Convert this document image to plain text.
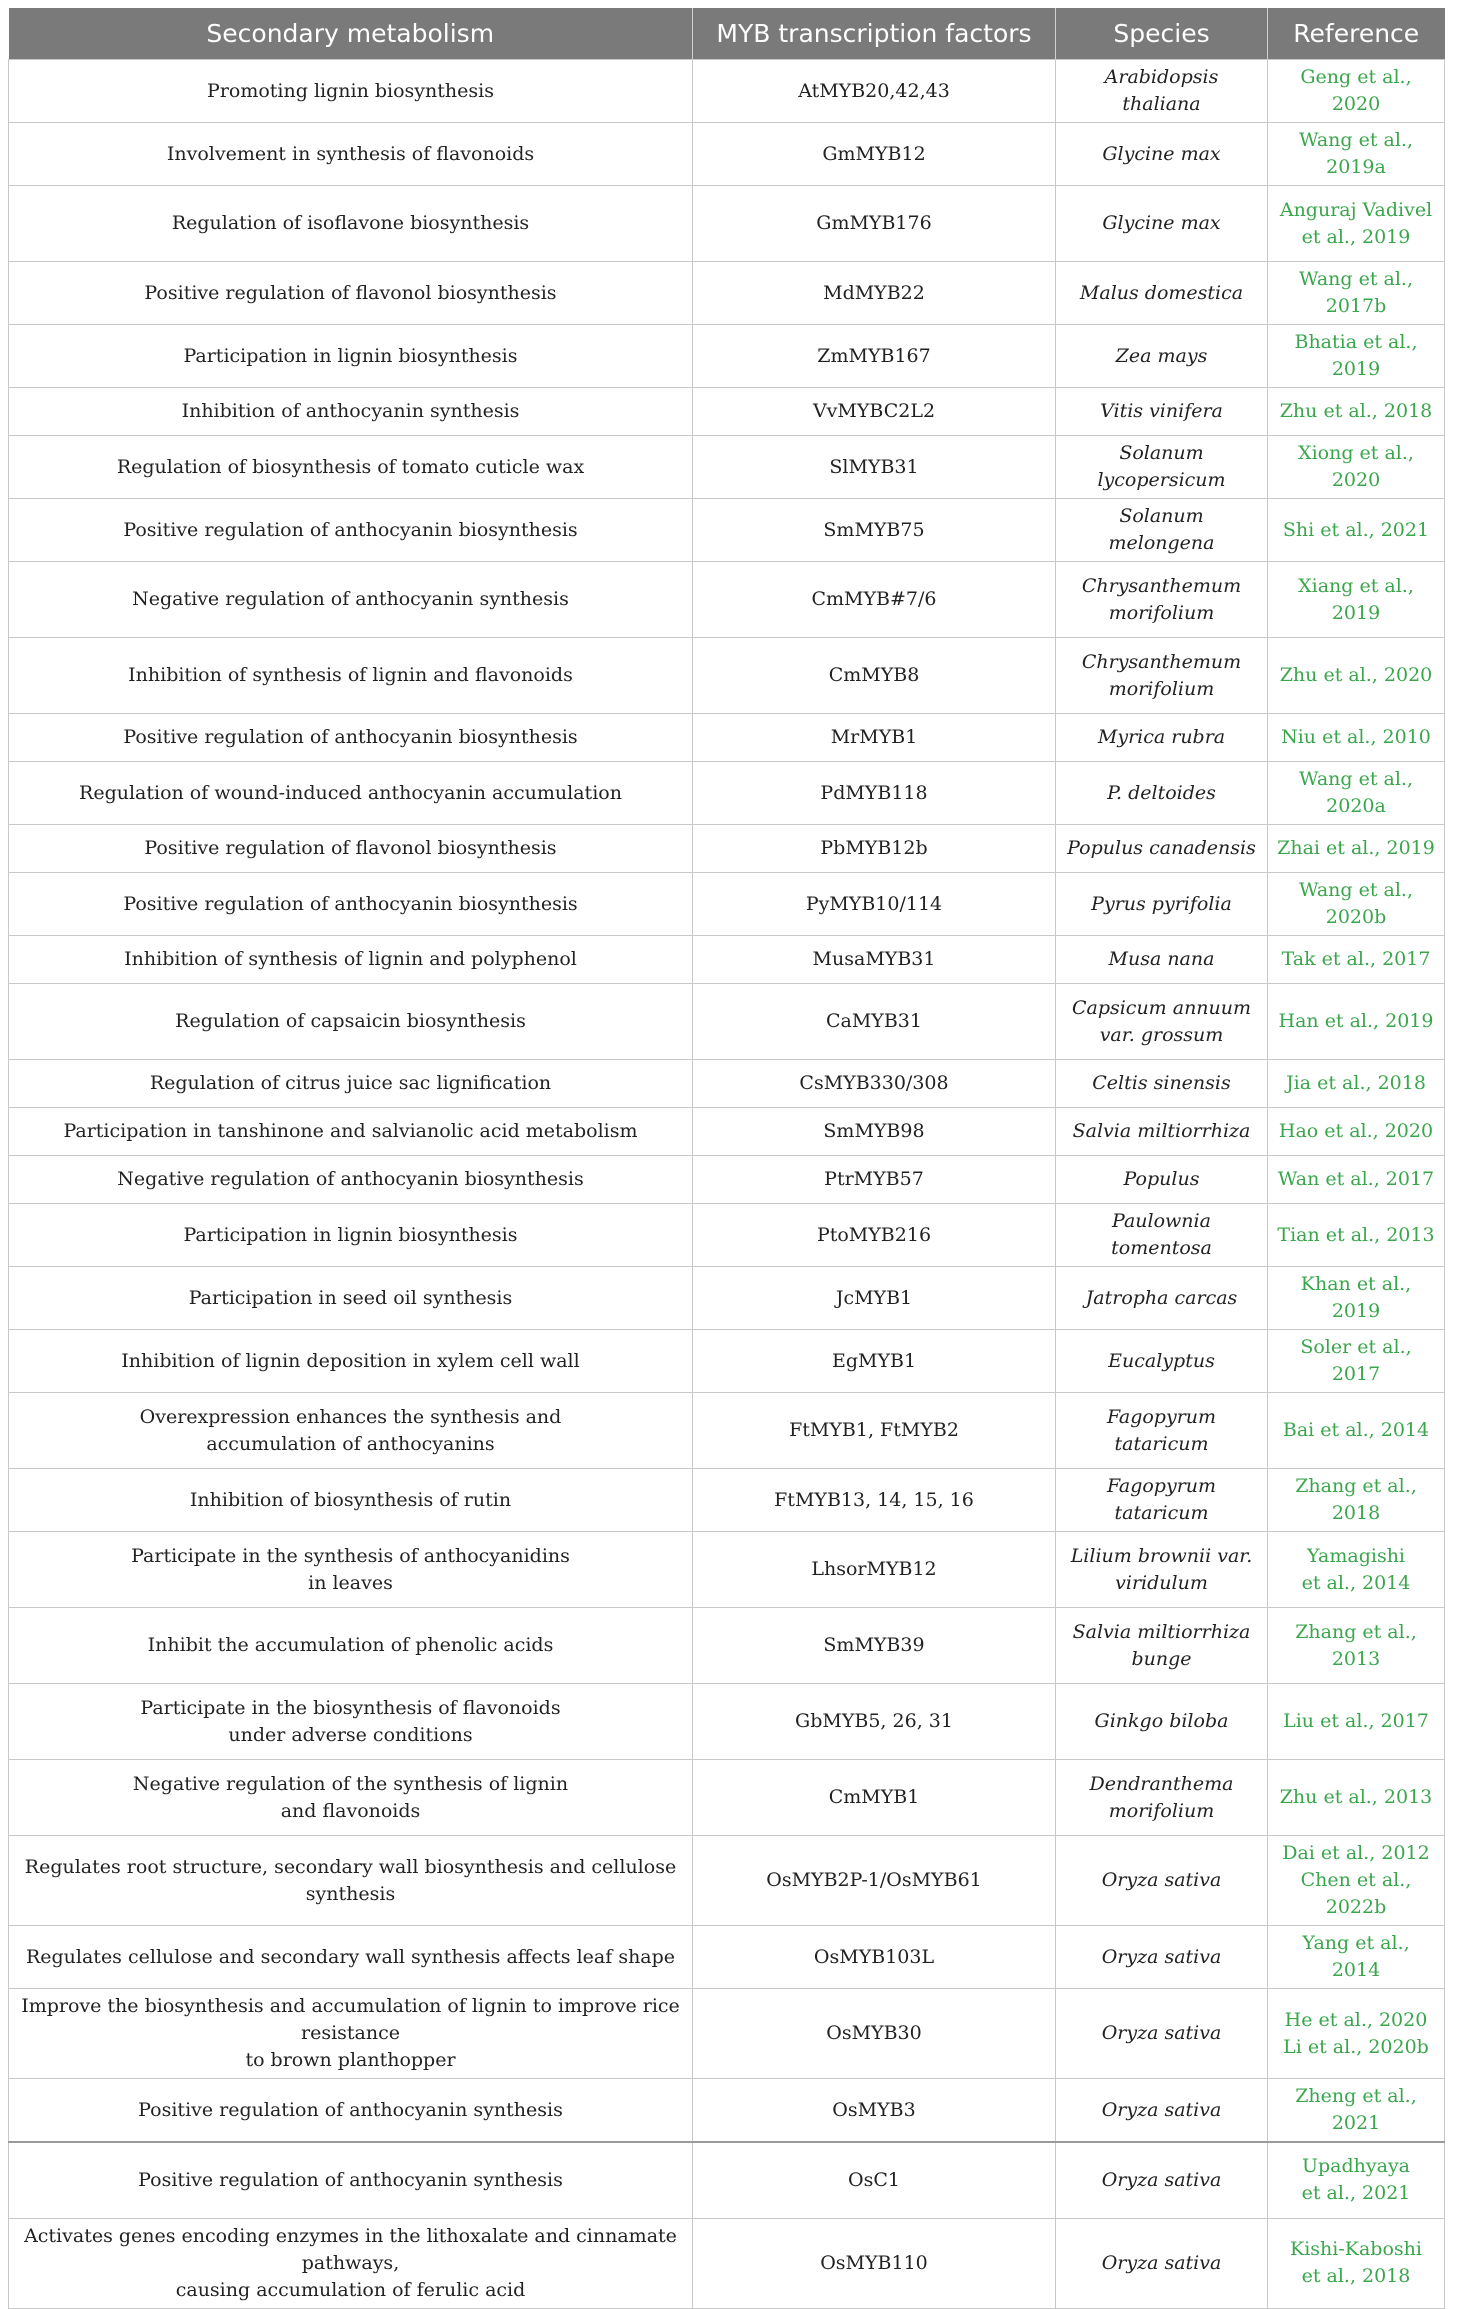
Secondary metabolism	MYB transcription factors	Species	Reference
Promoting lignin biosynthesis	AtMYB20,42,43	Arabidopsis thaliana	Geng et al., 2020
Involvement in synthesis of flavonoids	GmMYB12	Glycine max	Wang et al., 2019a
Regulation of isoflavone biosynthesis	GmMYB176	Glycine max	Anguraj Vadivel
et al., 2019
Positive regulation of flavonol biosynthesis	MdMYB22	Malus domestica	Wang et al., 2017b
Participation in lignin biosynthesis	ZmMYB167	Zea mays	Bhatia et al., 2019
Inhibition of anthocyanin synthesis	VvMYBC2L2	Vitis vinifera	Zhu et al., 2018
Regulation of biosynthesis of tomato cuticle wax	SlMYB31	Solanum lycopersicum	Xiong et al., 2020
Positive regulation of anthocyanin biosynthesis	SmMYB75	Solanum melongena	Shi et al., 2021
Negative regulation of anthocyanin synthesis	CmMYB#7/6	Chrysanthemum
morifolium	Xiang et al., 2019
Inhibition of synthesis of lignin and flavonoids	CmMYB8	Chrysanthemum
morifolium	Zhu et al., 2020
Positive regulation of anthocyanin biosynthesis	MrMYB1	Myrica rubra	Niu et al., 2010
Regulation of wound-induced anthocyanin accumulation	PdMYB118	P. deltoides	Wang et al., 2020a
Positive regulation of flavonol biosynthesis	PbMYB12b	Populus canadensis	Zhai et al., 2019
Positive regulation of anthocyanin biosynthesis	PyMYB10/114	Pyrus pyrifolia	Wang et al., 2020b
Inhibition of synthesis of lignin and polyphenol	MusaMYB31	Musa nana	Tak et al., 2017
Regulation of capsaicin biosynthesis	CaMYB31	Capsicum annuum
var. grossum	Han et al., 2019
Regulation of citrus juice sac lignification	CsMYB330/308	Celtis sinensis	Jia et al., 2018
Participation in tanshinone and salvianolic acid metabolism	SmMYB98	Salvia miltiorrhiza	Hao et al., 2020
Negative regulation of anthocyanin biosynthesis	PtrMYB57	Populus	Wan et al., 2017
Participation in lignin biosynthesis	PtoMYB216	Paulownia tomentosa	Tian et al., 2013
Participation in seed oil synthesis	JcMYB1	Jatropha carcas	Khan et al., 2019
Inhibition of lignin deposition in xylem cell wall	EgMYB1	Eucalyptus	Soler et al., 2017
Overexpression enhances the synthesis and
accumulation of anthocyanins	FtMYB1, FtMYB2	Fagopyrum tataricum	Bai et al., 2014
Inhibition of biosynthesis of rutin	FtMYB13, 14, 15, 16	Fagopyrum tataricum	Zhang et al., 2018
Participate in the synthesis of anthocyanidins
in leaves	LhsorMYB12	Lilium brownii var.
viridulum	Yamagishi
et al., 2014
Inhibit the accumulation of phenolic acids	SmMYB39	Salvia miltiorrhiza
bunge	Zhang et al., 2013
Participate in the biosynthesis of flavonoids
under adverse conditions	GbMYB5, 26, 31	Ginkgo biloba	Liu et al., 2017
Negative regulation of the synthesis of lignin
and flavonoids	CmMYB1	Dendranthema
morifolium	Zhu et al., 2013
Regulates root structure, secondary wall biosynthesis and cellulose synthesis	OsMYB2P-1/OsMYB61	Oryza sativa	Dai et al., 2012
Chen et al., 2022b
Regulates cellulose and secondary wall synthesis affects leaf shape	OsMYB103L	Oryza sativa	Yang et al., 2014
Improve the biosynthesis and accumulation of lignin to improve rice resistance
to brown planthopper	OsMYB30	Oryza sativa	He et al., 2020
Li et al., 2020b
Positive regulation of anthocyanin synthesis	OsMYB3	Oryza sativa	Zheng et al., 2021
Positive regulation of anthocyanin synthesis	OsC1	Oryza sativa	Upadhyaya
et al., 2021
Activates genes encoding enzymes in the lithoxalate and cinnamate pathways,
causing accumulation of ferulic acid	OsMYB110	Oryza sativa	Kishi-Kaboshi
et al., 2018
